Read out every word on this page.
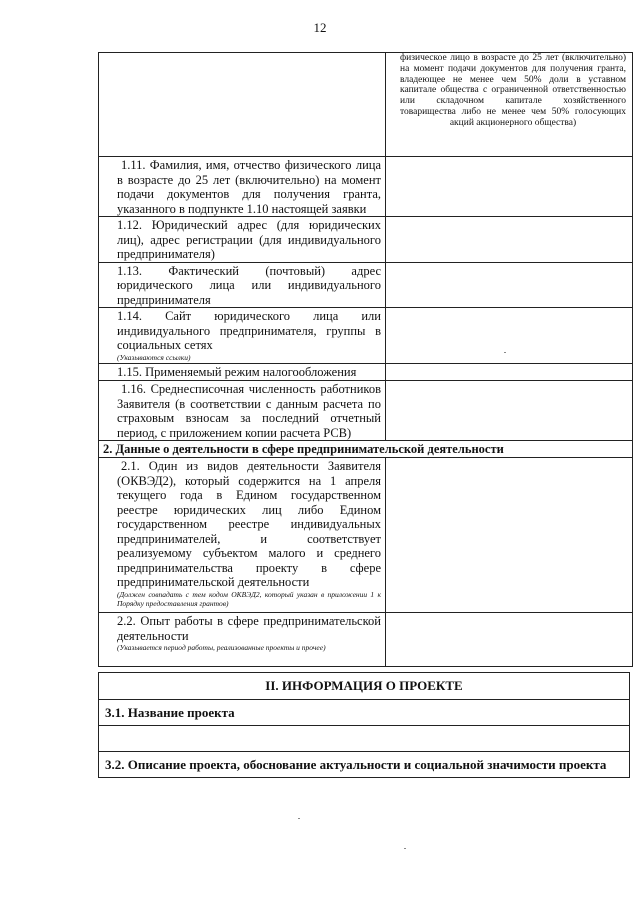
12

	физическое лицо в возрасте до 25 лет (включительно) на момент подачи документов для получения гранта, владеющее не менее чем 50% доли в уставном капитале общества с ограниченной ответственностью или складочном капитале хозяйственного товарищества либо не менее чем 50% голосующих акций акционерного общества)

1.11. Фамилия, имя, отчество физического лица в возрасте до 25 лет (включительно) на момент подачи документов для получения гранта, указанного в подпункте 1.10 настоящей заявки	

1.12. Юридический адрес (для юридических лиц), адрес регистрации (для индивидуального предпринимателя)	

1.13. Фактический (почтовый) адрес юридического лица или индивидуального предпринимателя	

1.14. Сайт юридического лица или индивидуального предпринимателя, группы в социальных сетях
(Указываются ссылки)	

1.15. Применяемый режим налогообложения	

1.16. Среднесписочная численность работников Заявителя (в соответствии с данным расчета по страховым взносам за последний отчетный период, с приложением копии расчета РСВ)	

2. Данные о деятельности в сфере предпринимательской деятельности	

2.1. Один из видов деятельности Заявителя (ОКВЭД2), который содержится на 1 апреля текущего года в Едином государственном реестре юридических лиц либо Едином государственном реестре индивидуальных предпринимателей, и соответствует реализуемому субъектом малого и среднего предпринимательства проекту в сфере предпринимательской деятельности
(Должен совпадать с тем кодом ОКВЭД2, который указан в приложении 1 к Порядку предоставления грантов)	

2.2. Опыт работы в сфере предпринимательской деятельности
(Указывается период работы, реализованные проекты и прочее)	

II. ИНФОРМАЦИЯ О ПРОЕКТЕ

3.1. Название проекта

3.2. Описание проекта, обоснование актуальности и социальной значимости проекта
